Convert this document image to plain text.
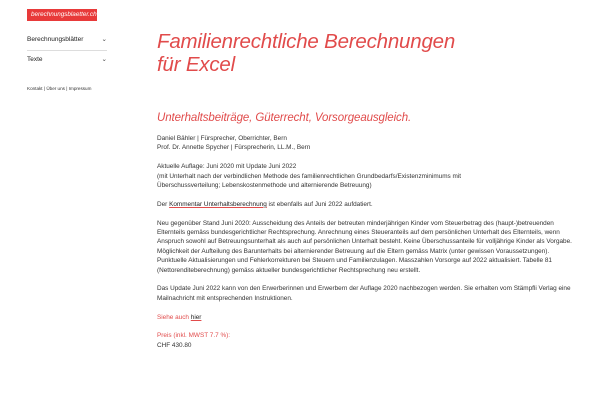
berechnungsblaetter.ch
Berechnungsblätter	⌄
Texte	⌄
Kontakt | Über uns | Impressum
Familienrechtliche Berechnungen
für Excel
Unterhaltsbeiträge, Güterrecht, Vorsorgeausgleich.

Daniel Bähler | Fürsprecher, Oberrichter, Bern
Prof. Dr. Annette Spycher | Fürsprecherin, LL.M., Bern

Aktuelle Auflage: Juni 2020 mit Update Juni 2022
(mit Unterhalt nach der verbindlichen Methode des familienrechtlichen Grundbedarfs/Existenzminimums mit
Überschussverteilung; Lebenskostenmethode und alternierende Betreuung)

Der Kommentar Unterhaltsberechnung ist ebenfalls auf Juni 2022 aufdatiert.

Neu gegenüber Stand Juni 2020: Ausscheidung des Anteils der betreuten minderjährigen Kinder vom Steuerbetrag des (haupt-)betreuenden Elternteils gemäss bundesgerichtlicher Rechtsprechung. Anrechnung eines Steueranteils auf dem persönlichen Unterhalt des Elternteils, wenn Anspruch sowohl auf Betreuungsunterhalt als auch auf persönlichen Unterhalt besteht. Keine Überschussanteile für volljährige Kinder als Vorgabe. Möglichkeit der Aufteilung des Barunterhalts bei alternierender Betreuung auf die Eltern gemäss Matrix (unter gewissen Voraussetzungen). Punktuelle Aktualisierungen und Fehlerkorrekturen bei Steuern und Familienzulagen. Masszahlen Vorsorge auf 2022 aktualisiert. Tabelle 81 (Nettorenditeberechnung) gemäss aktueller bundesgerichtlicher Rechtsprechung neu erstellt.

Das Update Juni 2022 kann von den Erwerberinnen und Erwerbern der Auflage 2020 nachbezogen werden. Sie erhalten vom Stämpfli Verlag eine Mailnachricht mit entsprechenden Instruktionen.

Siehe auch hier

Preis (inkl. MWST 7.7 %):
CHF 430.80
